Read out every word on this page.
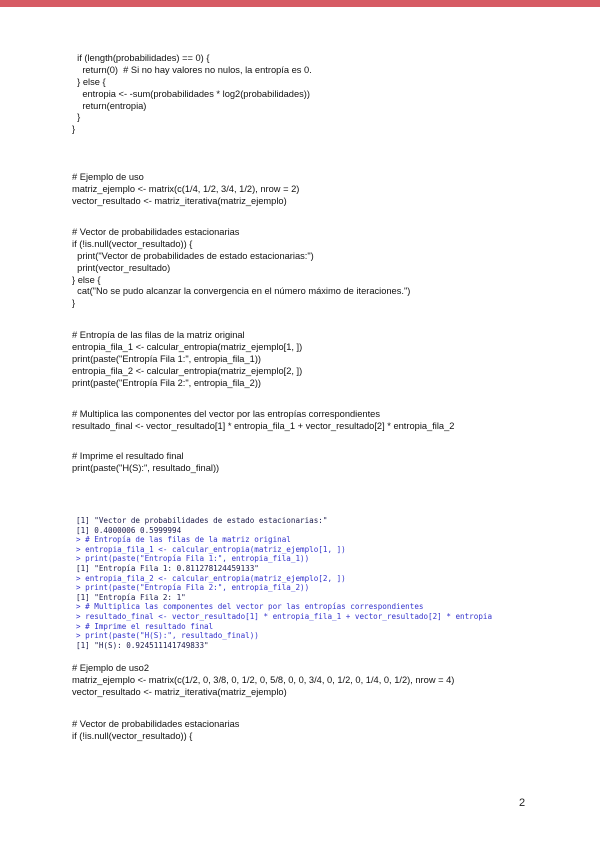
if (length(probabilidades) == 0) {
return(0)  # Si no hay valores no nulos, la entropía es 0.
} else {
entropia <- -sum(probabilidades * log2(probabilidades))
return(entropia)
}
}
# Ejemplo de uso
matriz_ejemplo <- matrix(c(1/4, 1/2, 3/4, 1/2), nrow = 2)
vector_resultado <- matriz_iterativa(matriz_ejemplo)
# Vector de probabilidades estacionarias
if (!is.null(vector_resultado)) {
print("Vector de probabilidades de estado estacionarias:")
print(vector_resultado)
} else {
cat("No se pudo alcanzar la convergencia en el número máximo de iteraciones.")
}
# Entropía de las filas de la matriz original
entropia_fila_1 <- calcular_entropia(matriz_ejemplo[1, ])
print(paste("Entropía Fila 1:", entropia_fila_1))
entropia_fila_2 <- calcular_entropia(matriz_ejemplo[2, ])
print(paste("Entropía Fila 2:", entropia_fila_2))
# Multiplica las componentes del vector por las entropías correspondientes
resultado_final <- vector_resultado[1] * entropia_fila_1 + vector_resultado[2] * entropia_fila_2
# Imprime el resultado final
print(paste("H(S):", resultado_final))
[1] "Vector de probabilidades de estado estacionarias:"
[1] 0.4000006 0.5999994
> # Entropía de las filas de la matriz original
> entropia_fila_1 <- calcular_entropia(matriz_ejemplo[1, ])
> print(paste("Entropía Fila 1:", entropia_fila_1))
[1] "Entropía Fila 1: 0.811278124459133"
> entropia_fila_2 <- calcular_entropia(matriz_ejemplo[2, ])
> print(paste("Entropía Fila 2:", entropia_fila_2))
[1] "Entropía Fila 2: 1"
> # Multiplica las componentes del vector por las entropías correspondientes
> resultado_final <- vector_resultado[1] * entropia_fila_1 + vector_resultado[2] * entropia
> # Imprime el resultado final
> print(paste("H(S):", resultado_final))
[1] "H(S): 0.924511141749833"
# Ejemplo de uso2
matriz_ejemplo <- matrix(c(1/2, 0, 3/8, 0, 1/2, 0, 5/8, 0, 0, 3/4, 0, 1/2, 0, 1/4, 0, 1/2), nrow = 4)
vector_resultado <- matriz_iterativa(matriz_ejemplo)
# Vector de probabilidades estacionarias
if (!is.null(vector_resultado)) {
2
